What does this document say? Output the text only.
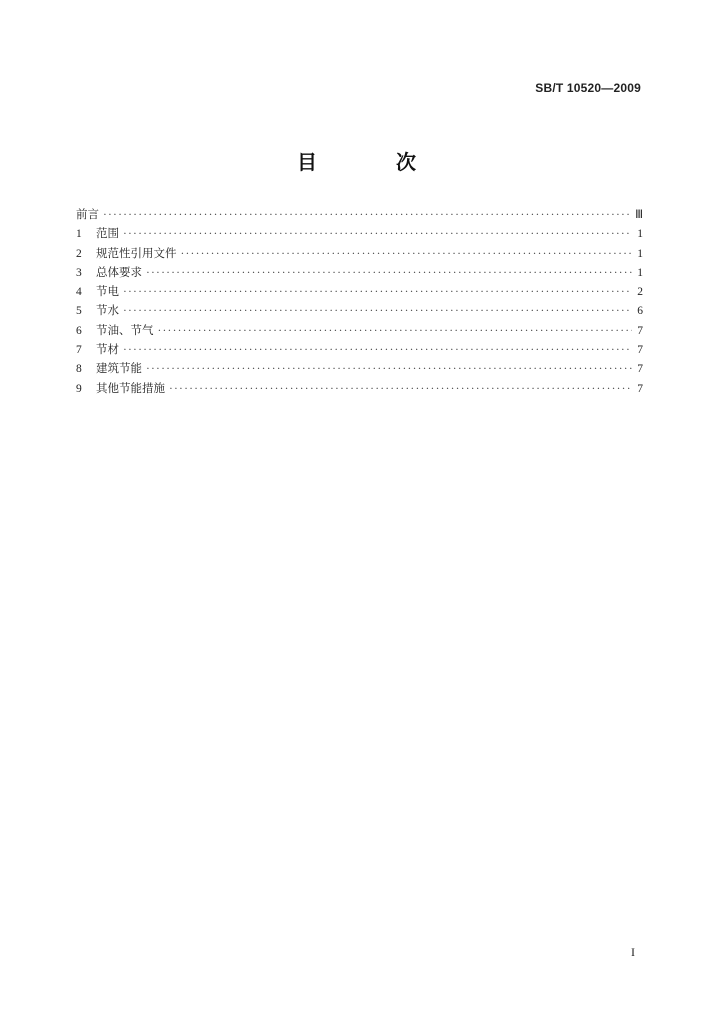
SB/T 10520—2009
目 次
前言 ·····	Ⅲ
1	范围 ·····	1
2	规范性引用文件 ·····	1
3	总体要求 ·····	1
4	节电 ·····	2
5	节水 ·····	6
6	节油、节气 ·····	7
7	节材 ·····	7
8	建筑节能 ·····	7
9	其他节能措施 ·····	7
I
